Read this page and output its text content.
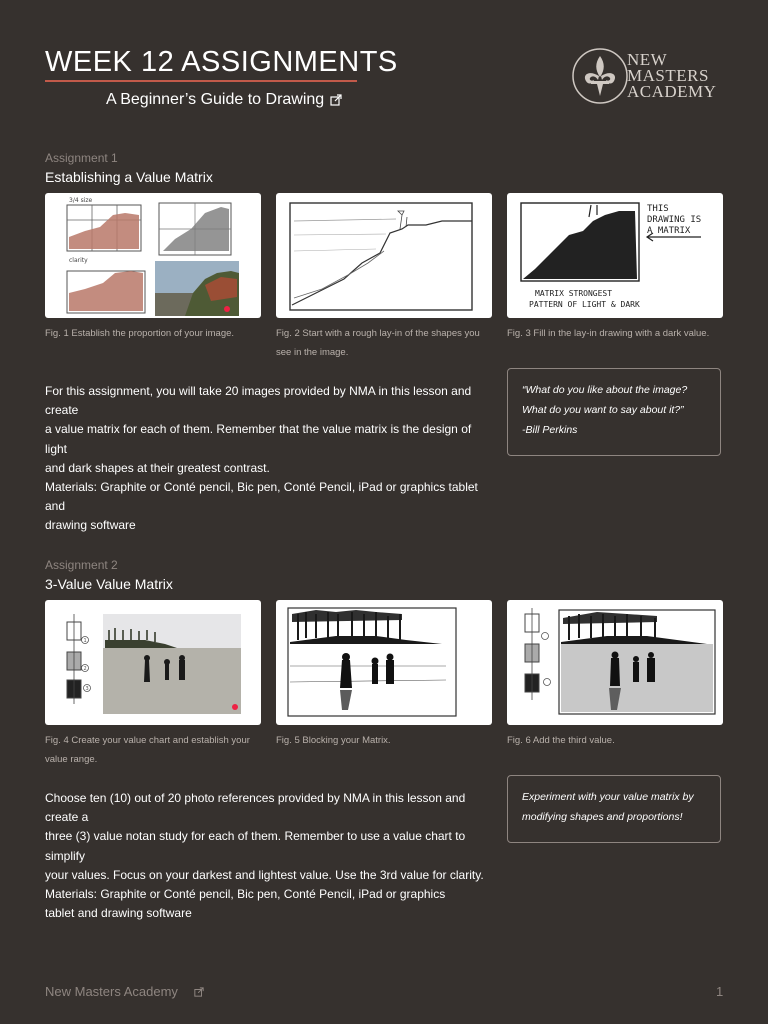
WEEK 12 ASSIGNMENTS
A Beginner’s Guide to Drawing
NEW
MASTERS
ACADEMY
Assignment 1
Establishing a Value Matrix
3/4 size
clarity
Fig. 1 Establish the proportion of your image.	Fig. 2 Start with a rough lay-in of the shapes you see in the image.
THIS
DRAWING IS
A MATRIX
MATRIX STRONGEST
PATTERN OF LIGHT & DARK
Fig. 3 Fill in the lay-in drawing with a dark value.
For this assignment, you will take 20 images provided by NMA in this lesson and create
a value matrix for each of them. Remember that the value matrix is the design of light
and dark shapes at their greatest contrast.
Materials: Graphite or Conté pencil, Bic pen, Conté Pencil, iPad or graphics tablet and
drawing software
“What do you like about the image?
What do you want to say about it?”
-Bill Perkins
Assignment 2
3-Value Value Matrix
1
2
3
Fig. 4 Create your value chart and establish your
value range.
Fig. 5 Blocking your Matrix.	Fig. 6 Add the third value.
Choose ten (10) out of 20 photo references provided by NMA in this lesson and create a
three (3) value notan study for each of them. Remember to use a value chart to simplify
your values. Focus on your darkest and lightest value. Use the 3rd value for clarity.
Materials: Graphite or Conté pencil, Bic pen, Conté Pencil, iPad or graphics
tablet and drawing software
Experiment with your value matrix by
modifying shapes and proportions!
New Masters Academy	1
